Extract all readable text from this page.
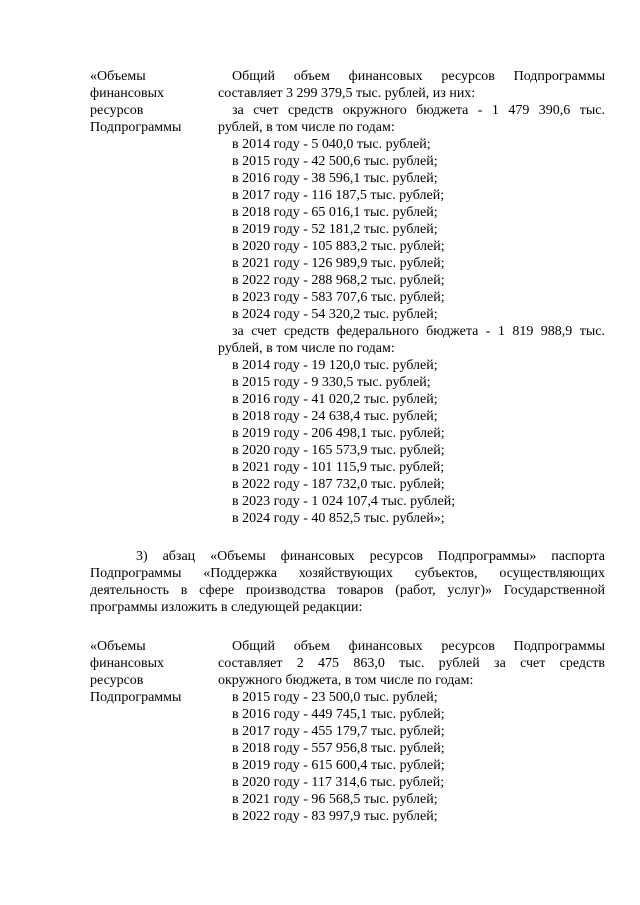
«Объемы
финансовых
ресурсов
Подпрограммы
Общий объем финансовых ресурсов Подпрограммы
составляет 3 299 379,5 тыс. рублей, из них:
за счет средств окружного бюджета - 1 479 390,6 тыс.
рублей, в том числе по годам:
в 2014 году - 5 040,0 тыс. рублей;
в 2015 году - 42 500,6 тыс. рублей;
в 2016 году - 38 596,1 тыс. рублей;
в 2017 году - 116 187,5 тыс. рублей;
в 2018 году - 65 016,1 тыс. рублей;
в 2019 году - 52 181,2 тыс. рублей;
в 2020 году - 105 883,2 тыс. рублей;
в 2021 году - 126 989,9 тыс. рублей;
в 2022 году - 288 968,2 тыс. рублей;
в 2023 году - 583 707,6 тыс. рублей;
в 2024 году - 54 320,2 тыс. рублей;
за счет средств федерального бюджета - 1 819 988,9 тыс.
рублей, в том числе по годам:
в 2014 году - 19 120,0 тыс. рублей;
в 2015 году - 9 330,5 тыс. рублей;
в 2016 году - 41 020,2 тыс. рублей;
в 2018 году - 24 638,4 тыс. рублей;
в 2019 году - 206 498,1 тыс. рублей;
в 2020 году - 165 573,9 тыс. рублей;
в 2021 году - 101 115,9 тыс. рублей;
в 2022 году - 187 732,0 тыс. рублей;
в 2023 году - 1 024 107,4 тыс. рублей;
в 2024 году - 40 852,5 тыс. рублей»;
3) абзац «Объемы финансовых ресурсов Подпрограммы» паспорта
Подпрограммы «Поддержка хозяйствующих субъектов, осуществляющих
деятельность в сфере производства товаров (работ, услуг)» Государственной
программы изложить в следующей редакции:
«Объемы
финансовых
ресурсов
Подпрограммы
Общий объем финансовых ресурсов Подпрограммы
составляет 2 475 863,0 тыс. рублей за счет средств
окружного бюджета, в том числе по годам:
в 2015 году - 23 500,0 тыс. рублей;
в 2016 году - 449 745,1 тыс. рублей;
в 2017 году - 455 179,7 тыс. рублей;
в 2018 году - 557 956,8 тыс. рублей;
в 2019 году - 615 600,4 тыс. рублей;
в 2020 году - 117 314,6 тыс. рублей;
в 2021 году - 96 568,5 тыс. рублей;
в 2022 году - 83 997,9 тыс. рублей;
